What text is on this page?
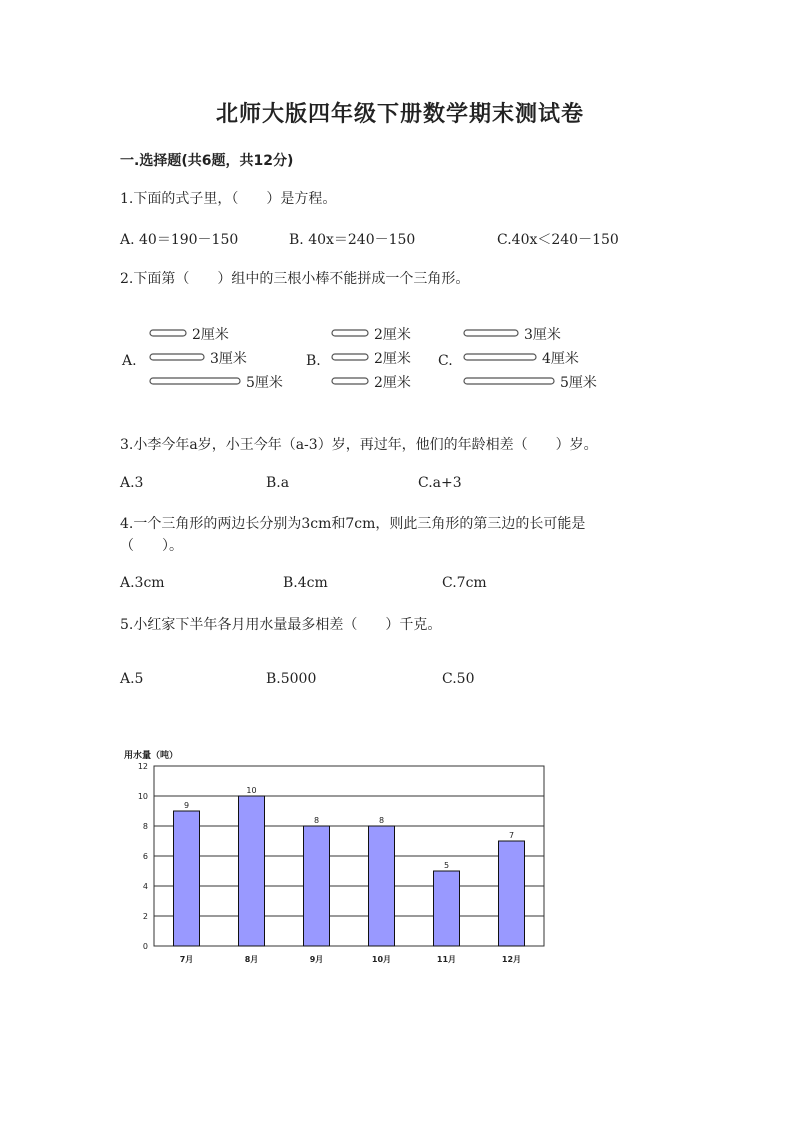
北师大版四年级下册数学期末测试卷
一.选择题(共6题，共12分)
1.下面的式子里，（　　）是方程。
A. 40＝190－150	B. 40x＝240－150	C.40x＜240－150
2.下面第（　　）组中的三根小棒不能拼成一个三角形。
A.
2厘米
3厘米
5厘米
B.
2厘米
2厘米
2厘米
C.
3厘米
4厘米
5厘米
3.小李今年a岁，小王今年（a-3）岁，再过年，他们的年龄相差（　　）岁。
A.3	B.a	C.a+3
4.一个三角形的两边长分别为3cm和7cm，则此三角形的第三边的长可能是
（　　）。
A.3cm	B.4cm	C.7cm
5.小红家下半年各月用水量最多相差（　　）千克。
A.5	B.5000	C.50
用水量（吨）
0
2
4
6
8
10
12
9
7月
10
8月
8
9月
8
10月
5
11月
7
12月
